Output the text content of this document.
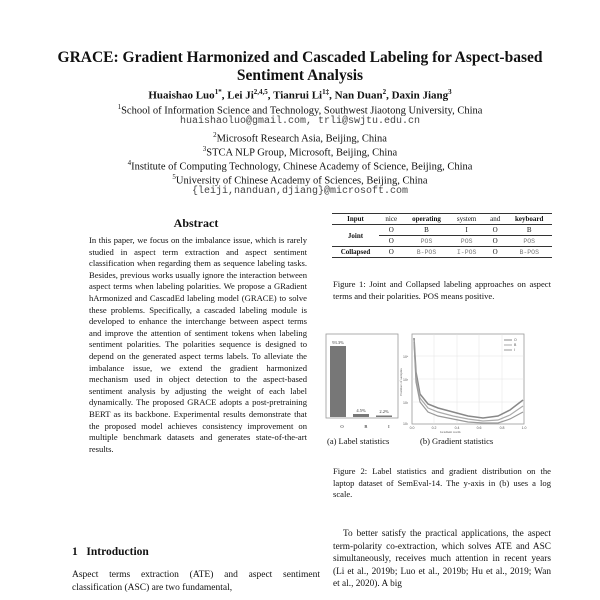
GRACE: Gradient Harmonized and Cascaded Labeling for Aspect-based
Sentiment Analysis
Huaishao Luo$^{1*}$, Lei Ji$^{2,4,5}$, Tianrui $Li^{1\ddagger}$, Nan Duan$^2$, Daxin Jiang$^3$
$^1$School of Information Science and Technology, Southwest Jiaotong University, China
huaishaoluo@gmail.com, trli@swjtu.edu.cn
$^2$Microsoft Research Asia, Beijing, China
$^3$STCA NLP Group, Microsoft, Beijing, China
$^4$Institute of Computing Technology, Chinese Academy of Science, Beijing, China
$^5$University of Chinese Academy of Sciences, Beijing, China
{leiji,nanduan,djiang}@microsoft.com
Abstract
In this paper, we focus on the imbalance issue, which is rarely studied in aspect term extraction and aspect sentiment classification when regarding them as sequence labeling tasks. Besides, previous works usually ignore the interaction between aspect terms when labeling polarities. We propose a GRadient hArmonized and CascadEd labeling model (GRACE) to solve these problems. Specifically, a cascaded labeling module is developed to enhance the interchange between aspect terms and improve the attention of sentiment tokens when labeling sentiment polarities. The polarities sequence is designed to depend on the generated aspect terms labels. To alleviate the imbalance issue, we extend the gradient harmonized mechanism used in object detection to the aspect-based sentiment analysis by adjusting the weight of each label dynamically. The proposed GRACE adopts a post-pretraining BERT as its backbone. Experimental results demonstrate that the proposed model achieves consistency improvement on multiple benchmark datasets and generates state-of-the-art results.
1   Introduction
Aspect terms extraction (ATE) and aspect sentiment classification (ASC) are two fundamental,
Input	nice	operating	system	and	keyboard
Joint	O	B	I	O	B
	O	POS	POS	O	POS
Collapsed	O	B-POS	I-POS	O	B-POS
Figure 1: Joint and Collapsed labeling approaches on aspect terms and their polarities. POS means positive.
93.3%
4.5%	2.2%
O	B	I
10⁴
10³
10²
10¹
0.0	0.2	0.4	0.6	0.8	1.0
O
B
I
Number of samples
Gradient norm
(a) Label statistics	(b) Gradient statistics
Figure 2: Label statistics and gradient distribution on the laptop dataset of SemEval-14. The y-axis in (b) uses a log scale.
To better satisfy the practical applications, the aspect term-polarity co-extraction, which solves ATE and ASC simultaneously, receives much attention in recent years (Li et al., 2019b; Luo et al., 2019b; Hu et al., 2019; Wan et al., 2020). A big
